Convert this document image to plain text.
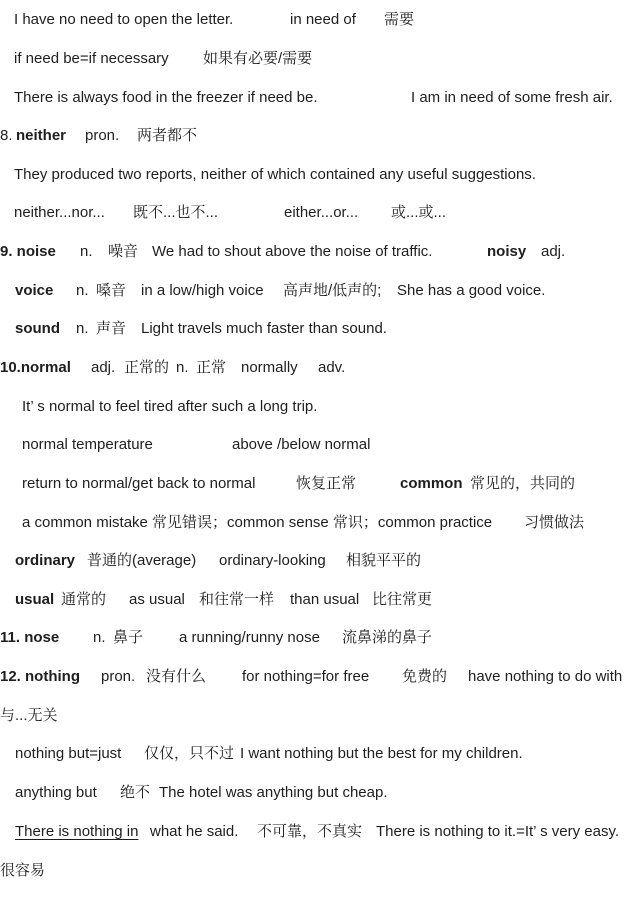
I have no need to open the letter.	in need of 需要
if need be=if necessary 如果有必要/需要
There is always food in the freezer if need be.	I am in need of some fresh air.
8. neither pron. 两者都不
They produced two reports, neither of which contained any useful suggestions.
neither...nor... 既不...也不...	either...or... 或...或...
9. noise n. 噪音 We had to shout above the noise of traffic.	noisy adj.
voice n. 嗓音 in a low/high voice 高声地/低声的; She has a good voice.
sound n. 声音 Light travels much faster than sound.
10.normal adj. 正常的 n. 正常 normally adv.
It’ s normal to feel tired after such a long trip.
normal temperature	above /below normal
return to normal/get back to normal	恢复正常	common 常见的，共同的
a common mistake 常见错误；common sense 常识；common practice 习惯做法
ordinary 普通的(average) ordinary-looking 相貌平平的
usual 通常的 as usual 和往常一样 than usual 比往常更
11. nose n. 鼻子 a running/runny nose 流鼻涕的鼻子
12. nothing pron. 没有什么 for nothing=for free 免费的 have nothing to do with
与...无关
nothing but=just 仅仅，只不过 I want nothing but the best for my children.
anything but 绝不 The hotel was anything but cheap.
There is nothing in what he said. 不可靠，不真实 There is nothing to it.=It’ s very easy.
很容易
